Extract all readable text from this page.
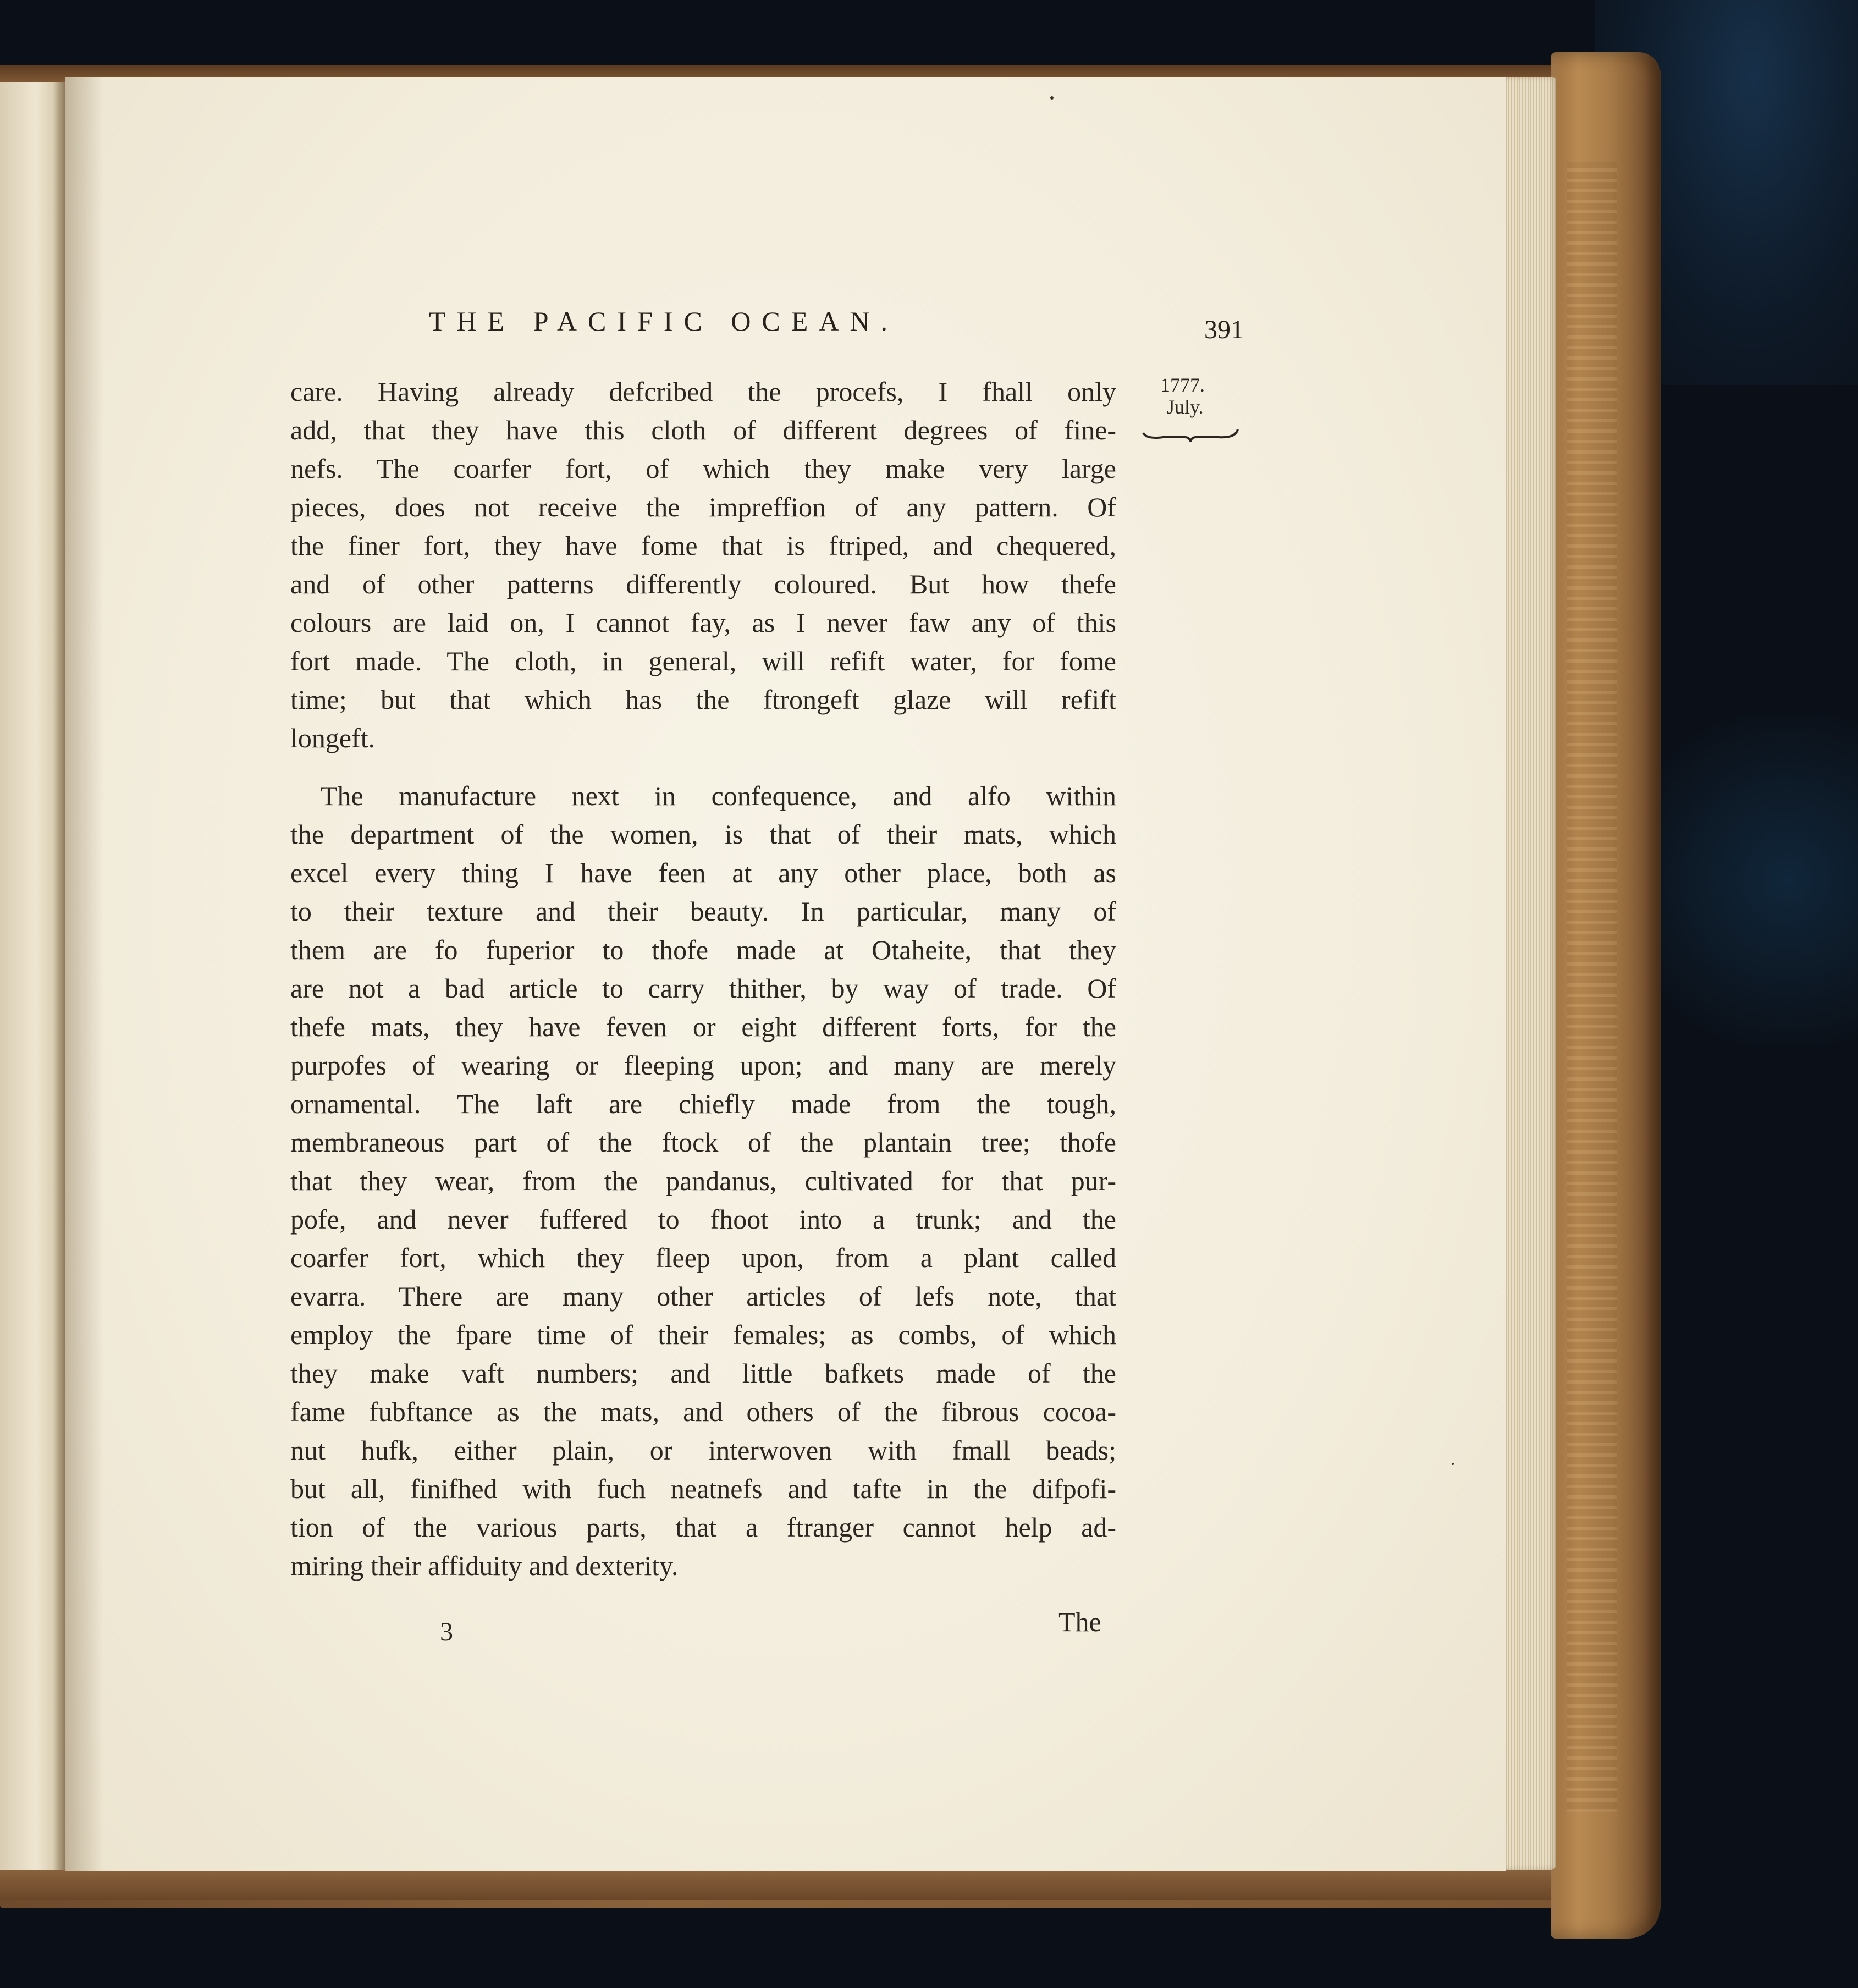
THE PACIFIC OCEAN.	391
1777.
July.
care. Having already defcribed the procefs, I fhall only
add, that they have this cloth of different degrees of fine-
nefs. The coarfer fort, of which they make very large
pieces, does not receive the impreffion of any pattern. Of
the finer fort, they have fome that is ftriped, and chequered,
and of other patterns differently coloured. But how thefe
colours are laid on, I cannot fay, as I never faw any of this
fort made. The cloth, in general, will refift water, for fome
time; but that which has the ftrongeft glaze will refift
longeft.
The manufacture next in confequence, and alfo within
the department of the women, is that of their mats, which
excel every thing I have feen at any other place, both as
to their texture and their beauty. In particular, many of
them are fo fuperior to thofe made at Otaheite, that they
are not a bad article to carry thither, by way of trade. Of
thefe mats, they have feven or eight different forts, for the
purpofes of wearing or fleeping upon; and many are merely
ornamental. The laft are chiefly made from the tough,
membraneous part of the ftock of the plantain tree; thofe
that they wear, from the pandanus, cultivated for that pur-
pofe, and never fuffered to fhoot into a trunk; and the
coarfer fort, which they fleep upon, from a plant called
evarra. There are many other articles of lefs note, that
employ the fpare time of their females; as combs, of which
they make vaft numbers; and little bafkets made of the
fame fubftance as the mats, and others of the fibrous cocoa-
nut hufk, either plain, or interwoven with fmall beads;
but all, finifhed with fuch neatnefs and tafte in the difpofi-
tion of the various parts, that a ftranger cannot help ad-
miring their affiduity and dexterity.
3	The
